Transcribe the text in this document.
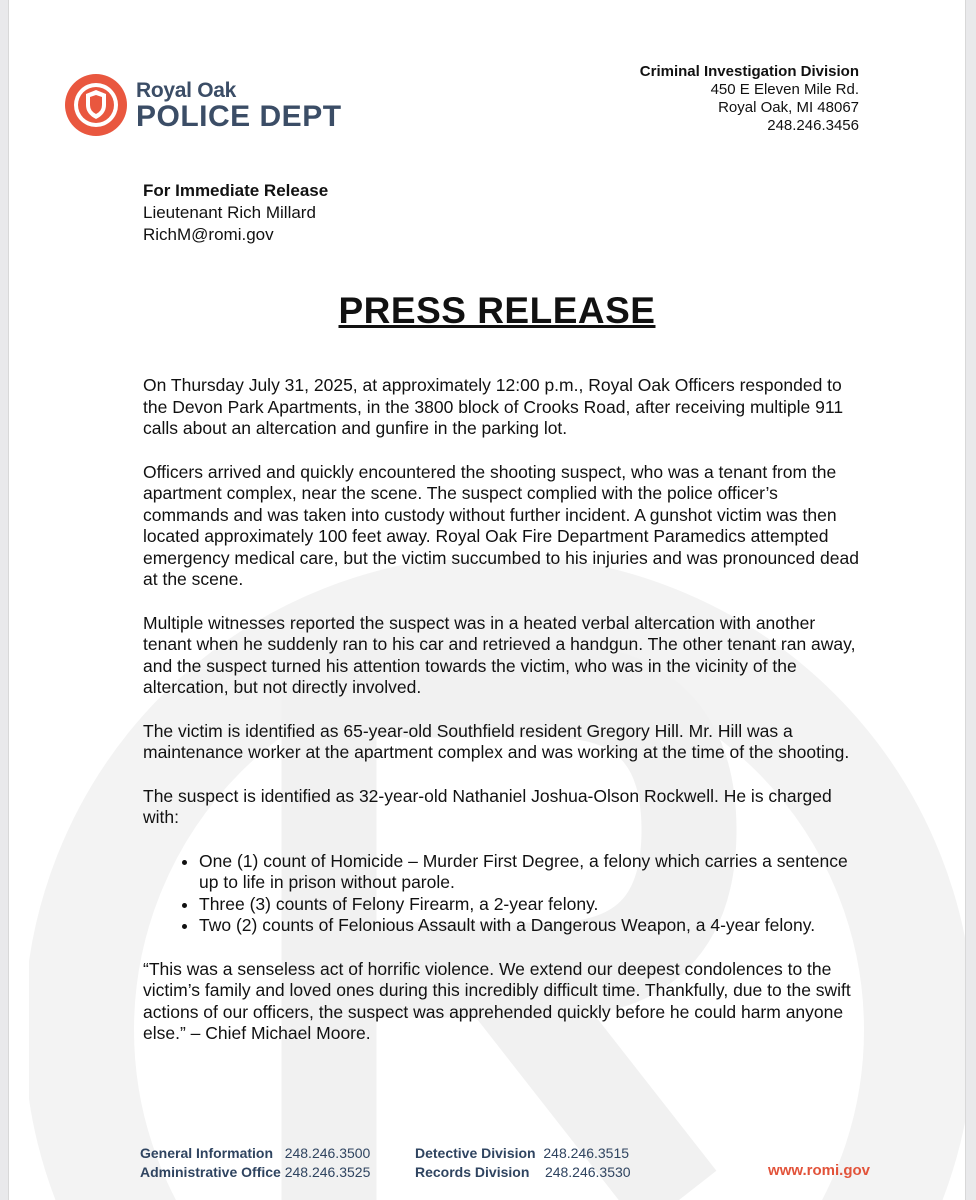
Royal Oak
POLICE DEPT
Criminal Investigation Division
450 E Eleven Mile Rd.
Royal Oak, MI 48067
248.246.3456
For Immediate Release
Lieutenant Rich Millard
RichM@romi.gov
PRESS RELEASE

On Thursday July 31, 2025, at approximately 12:00 p.m., Royal Oak Officers responded to the Devon Park Apartments, in the 3800 block of Crooks Road, after receiving multiple 911 calls about an altercation and gunfire in the parking lot.

Officers arrived and quickly encountered the shooting suspect, who was a tenant from the apartment complex, near the scene. The suspect complied with the police officer’s commands and was taken into custody without further incident. A gunshot victim was then located approximately 100 feet away. Royal Oak Fire Department Paramedics attempted emergency medical care, but the victim succumbed to his injuries and was pronounced dead at the scene.

Multiple witnesses reported the suspect was in a heated verbal altercation with another tenant when he suddenly ran to his car and retrieved a handgun. The other tenant ran away, and the suspect turned his attention towards the victim, who was in the vicinity of the altercation, but not directly involved.

The victim is identified as 65-year-old Southfield resident Gregory Hill. Mr. Hill was a maintenance worker at the apartment complex and was working at the time of the shooting.

The suspect is identified as 32-year-old Nathaniel Joshua-Olson Rockwell. He is charged with:

• One (1) count of Homicide – Murder First Degree, a felony which carries a sentence up to life in prison without parole.
• Three (3) counts of Felony Firearm, a 2-year felony.
• Two (2) counts of Felonious Assault with a Dangerous Weapon, a 4-year felony.

“This was a senseless act of horrific violence. We extend our deepest condolences to the victim’s family and loved ones during this incredibly difficult time. Thankfully, due to the swift actions of our officers, the suspect was apprehended quickly before he could harm anyone else.” – Chief Michael Moore.

General Information 248.246.3500
Administrative Office 248.246.3525
Detective Division 248.246.3515
Records Division 248.246.3530	www.romi.gov
